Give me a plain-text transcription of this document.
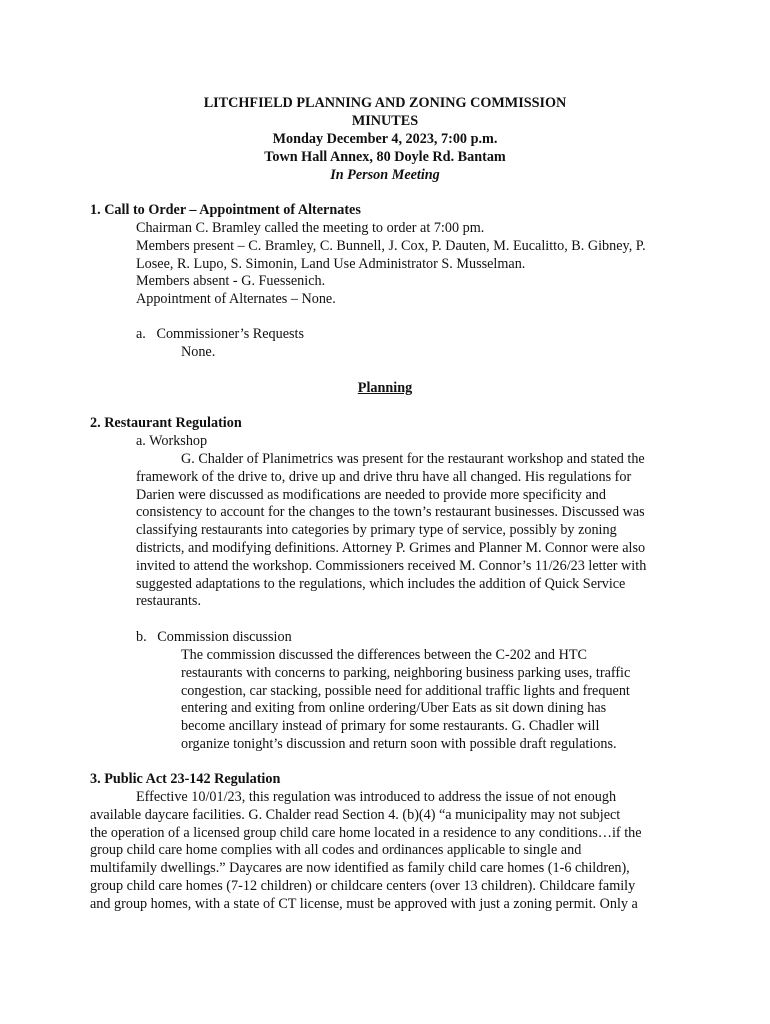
LITCHFIELD PLANNING AND ZONING COMMISSION
MINUTES
Monday December 4, 2023, 7:00 p.m.
Town Hall Annex, 80 Doyle Rd. Bantam
In Person Meeting
1. Call to Order – Appointment of Alternates

Chairman C. Bramley called the meeting to order at 7:00 pm.

Members present – C. Bramley, C. Bunnell, J. Cox, P. Dauten, M. Eucalitto, B. Gibney, P.

Losee, R. Lupo, S. Simonin, Land Use Administrator S. Musselman.

Members absent - G. Fuessenich.

Appointment of Alternates – None.

a.   Commissioner’s Requests
None.
Planning
2. Restaurant Regulation
a. Workshop

G. Chalder of Planimetrics was present for the restaurant workshop and stated the

framework of the drive to, drive up and drive thru have all changed. His regulations for

Darien were discussed as modifications are needed to provide more specificity and

consistency to account for the changes to the town’s restaurant businesses. Discussed was

classifying restaurants into categories by primary type of service, possibly by zoning

districts, and modifying definitions. Attorney P. Grimes and Planner M. Connor were also

invited to attend the workshop. Commissioners received M. Connor’s 11/26/23 letter with

suggested adaptations to the regulations, which includes the addition of Quick Service

restaurants.

b.   Commission discussion

The commission discussed the differences between the C-202 and HTC

restaurants with concerns to parking, neighboring business parking uses, traffic

congestion, car stacking, possible need for additional traffic lights and frequent

entering and exiting from online ordering/Uber Eats as sit down dining has

become ancillary instead of primary for some restaurants. G. Chadler will

organize tonight’s discussion and return soon with possible draft regulations.

3. Public Act 23-142 Regulation

Effective 10/01/23, this regulation was introduced to address the issue of not enough

available daycare facilities. G. Chalder read Section 4. (b)(4) “a municipality may not subject

the operation of a licensed group child care home located in a residence to any conditions…if the

group child care home complies with all codes and ordinances applicable to single and

multifamily dwellings.” Daycares are now identified as family child care homes (1-6 children),

group child care homes (7-12 children) or childcare centers (over 13 children). Childcare family

and group homes, with a state of CT license, must be approved with just a zoning permit. Only a
